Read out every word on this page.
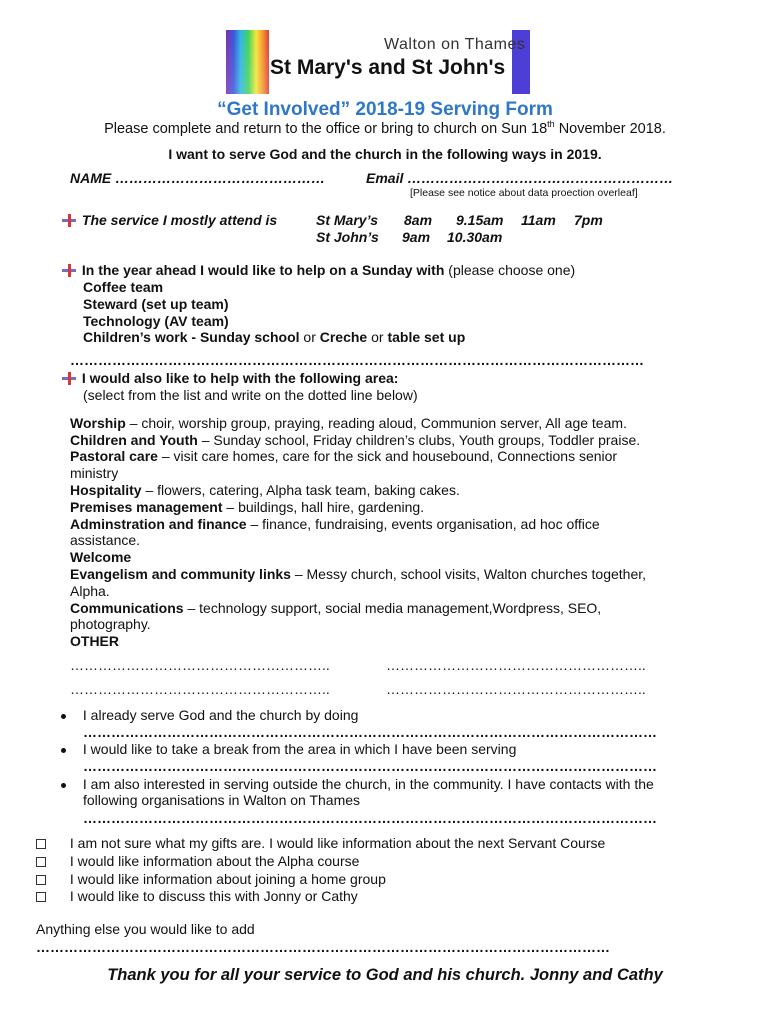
Walton on Thames
St Mary's and St John's
“Get Involved” 2018-19 Serving Form
Please complete and return to the office or bring to church on Sun 18th November 2018.
I want to serve God and the church in the following ways in 2019.
NAME ………………………………………	Email …………………………………………………
[Please see notice about data proection overleaf]
The service I mostly attend is	St Mary’s 8am 9.15am 11am 7pm
St John’s 9am 10.30am
In the year ahead I would like to help on a Sunday with (please choose one)
Coffee team
Steward (set up team)
Technology (AV team)
Children’s work - Sunday school or Creche or table set up
……………………………………………………………………………………………………………
I would also like to help with the following area:
(select from the list and write on the dotted line below)
Worship – choir, worship group, praying, reading aloud, Communion server, All age team.
Children and Youth – Sunday school, Friday children’s clubs, Youth groups, Toddler praise.
Pastoral care – visit care homes, care for the sick and housebound, Connections senior
ministry
Hospitality – flowers, catering, Alpha task team, baking cakes.
Premises management – buildings, hall hire, gardening.
Adminstration and finance – finance, fundraising, events organisation, ad hoc office
assistance.
Welcome
Evangelism and community links – Messy church, school visits, Walton churches together,
Alpha.
Communications – technology support, social media management,Wordpress, SEO,
photography.
OTHER
………………………………………………..	………………………………………………..
………………………………………………..	………………………………………………..
I already serve God and the church by doing
……………………………………………………………………………………………………………
I would like to take a break from the area in which I have been serving
……………………………………………………………………………………………………………
I am also interested in serving outside the church, in the community. I have contacts with the
following organisations in Walton on Thames
……………………………………………………………………………………………………………
I am not sure what my gifts are. I would like information about the next Servant Course
I would like information about the Alpha course
I would like information about joining a home group
I would like to discuss this with Jonny or Cathy
Anything else you would like to add
……………………………………………………………………………………………………………
Thank you for all your service to God and his church. Jonny and Cathy
